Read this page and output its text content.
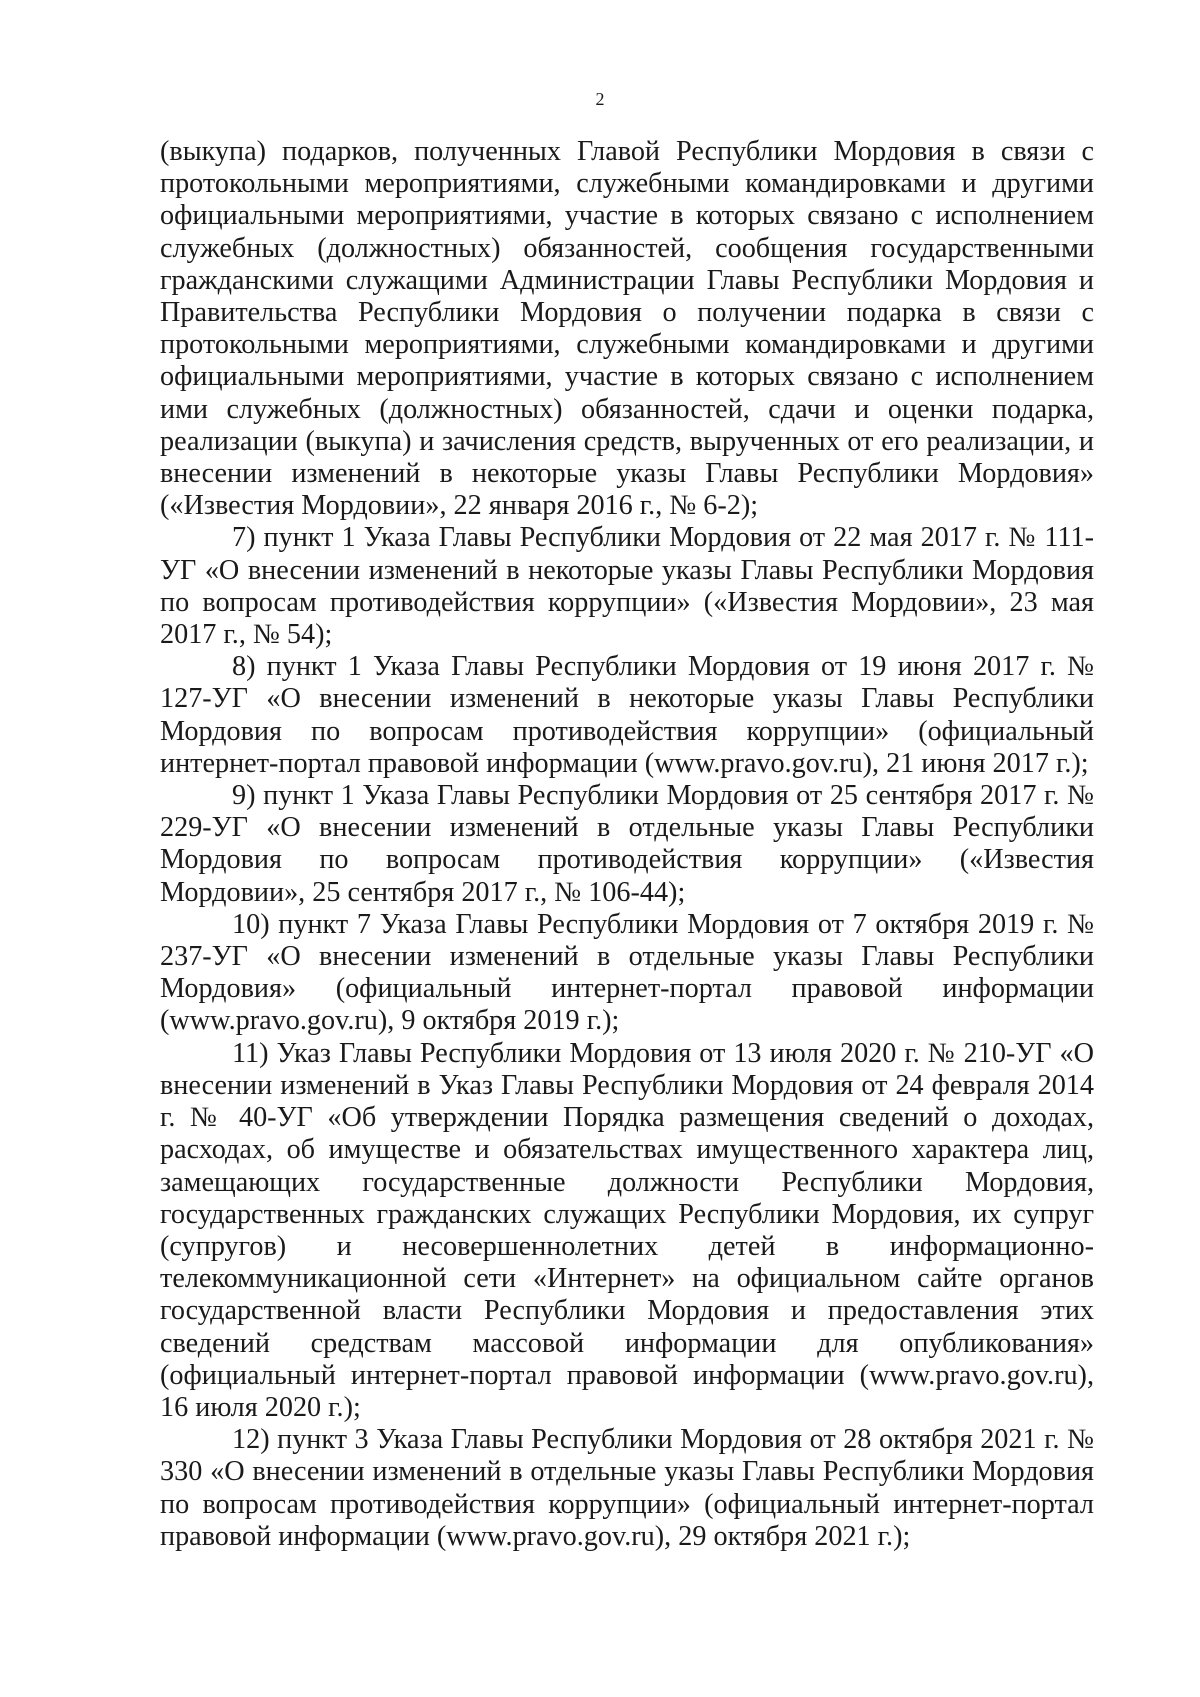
2

(выкупа) подарков, полученных Главой Республики Мордовия в связи с протокольными мероприятиями, служебными командировками и другими официальными мероприятиями, участие в которых связано с исполнением служебных (должностных) обязанностей, сообщения государственными гражданскими служащими Администрации Главы Республики Мордовия и Правительства Республики Мордовия о получении подарка в связи с протокольными мероприятиями, служебными командировками и другими официальными мероприятиями, участие в которых связано с исполнением ими служебных (должностных) обязанностей, сдачи и оценки подарка, реализации (выкупа) и зачисления средств, вырученных от его реализации, и внесении изменений в некоторые указы Главы Республики Мордовия» («Известия Мордовии», 22 января 2016 г., № 6-2);

7) пункт 1 Указа Главы Республики Мордовия от 22 мая 2017 г. № 111-УГ «О внесении изменений в некоторые указы Главы Республики Мордовия по вопросам противодействия коррупции» («Известия Мордовии», 23 мая 2017 г., № 54);

8) пункт 1 Указа Главы Республики Мордовия от 19 июня 2017 г. № 127-УГ «О внесении изменений в некоторые указы Главы Республики Мордовия по вопросам противодействия коррупции» (официальный интернет-портал правовой информации (www.pravo.gov.ru), 21 июня 2017 г.);

9) пункт 1 Указа Главы Республики Мордовия от 25 сентября 2017 г. № 229-УГ «О внесении изменений в отдельные указы Главы Республики Мордовия по вопросам противодействия коррупции» («Известия Мордовии», 25 сентября 2017 г., № 106-44);

10) пункт 7 Указа Главы Республики Мордовия от 7 октября 2019 г. № 237-УГ «О внесении изменений в отдельные указы Главы Республики Мордовия» (официальный интернет-портал правовой информации (www.pravo.gov.ru), 9 октября 2019 г.);

11) Указ Главы Республики Мордовия от 13 июля 2020 г. № 210-УГ «О внесении изменений в Указ Главы Республики Мордовия от 24 февраля 2014 г. № 40-УГ «Об утверждении Порядка размещения сведений о доходах, расходах, об имуществе и обязательствах имущественного характера лиц, замещающих государственные должности Республики Мордовия, государственных гражданских служащих Республики Мордовия, их супруг (супругов) и несовершеннолетних детей в информационно-телекоммуникационной сети «Интернет» на официальном сайте органов государственной власти Республики Мордовия и предоставления этих сведений средствам массовой информации для опубликования» (официальный интернет-портал правовой информации (www.pravo.gov.ru), 16 июля 2020 г.);

12) пункт 3 Указа Главы Республики Мордовия от 28 октября 2021 г. № 330 «О внесении изменений в отдельные указы Главы Республики Мордовия по вопросам противодействия коррупции» (официальный интернет-портал правовой информации (www.pravo.gov.ru), 29 октября 2021 г.);
